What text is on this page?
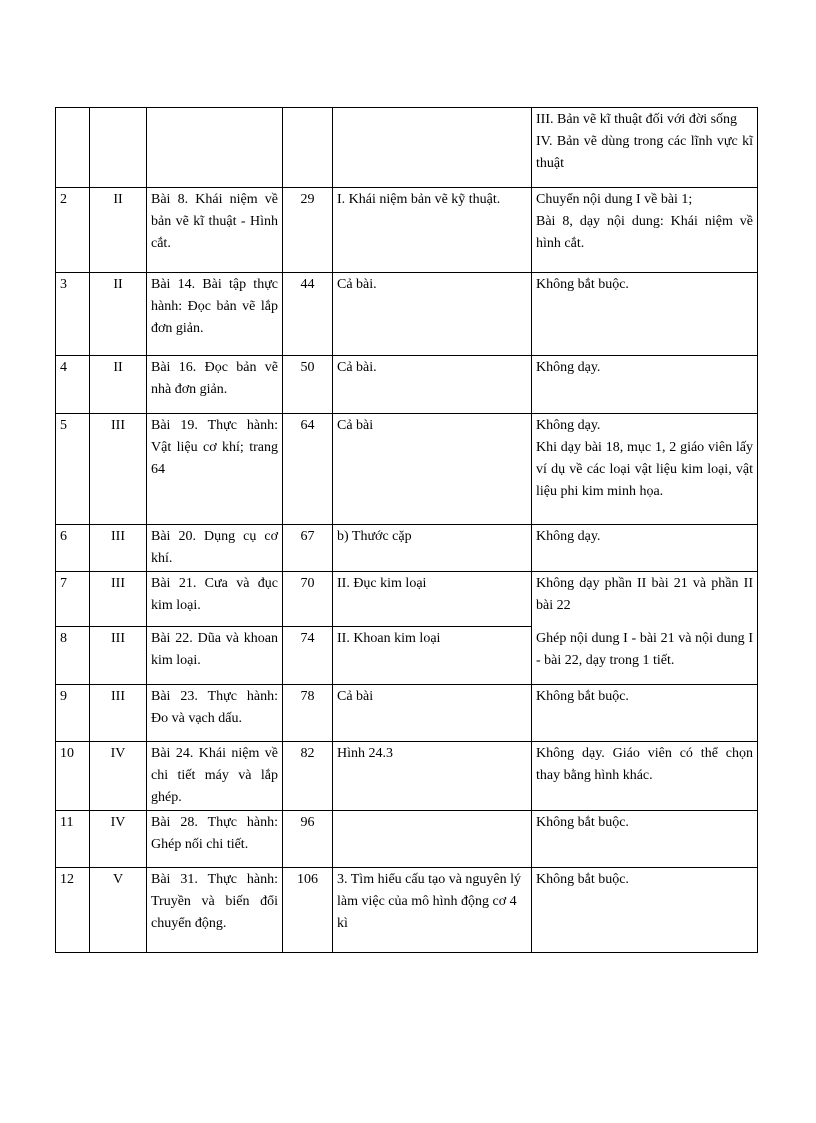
					III. Bản vẽ kĩ thuật đối với đời sống
IV. Bản vẽ dùng trong các lĩnh vực kĩ thuật

2	II	Bài 8. Khái niệm về bản vẽ kĩ thuật - Hình cắt.	29	I. Khái niệm bản vẽ kỹ thuật.	Chuyển nội dung I về bài 1;
Bài 8, dạy nội dung: Khái niệm về hình cắt.

3	II	Bài 14. Bài tập thực hành: Đọc bản vẽ lắp đơn giản.	44	Cả bài.	Không bắt buộc.

4	II	Bài 16. Đọc bản vẽ nhà đơn giản.	50	Cả bài.	Không dạy.

5	III	Bài 19. Thực hành: Vật liệu cơ khí; trang 64	64	Cả bài	Không dạy.
Khi dạy bài 18, mục 1, 2 giáo viên lấy ví dụ về các loại vật liệu kim loại, vật liệu phi kim minh họa.

6	III	Bài 20. Dụng cụ cơ khí.	67	b) Thước cặp	Không dạy.

7	III	Bài 21. Cưa và đục kim loại.	70	II. Đục kim loại	Không dạy phần II bài 21 và phần II bài 22

8	III	Bài 22. Dũa và khoan kim loại.	74	II. Khoan kim loại	Ghép nội dung I - bài 21 và nội dung I - bài 22, dạy trong 1 tiết.

9	III	Bài 23. Thực hành: Đo và vạch dấu.	78	Cả bài	Không bắt buộc.

10	IV	Bài 24. Khái niệm về chi tiết máy và lắp ghép.	82	Hình 24.3	Không dạy. Giáo viên có thể chọn thay bằng hình khác.

11	IV	Bài 28. Thực hành: Ghép nối chi tiết.	96		Không bắt buộc.

12	V	Bài 31. Thực hành: Truyền và biến đổi chuyển động.	106	3. Tìm hiểu cấu tạo và nguyên lý làm việc của mô hình động cơ 4 kì	Không bắt buộc.
